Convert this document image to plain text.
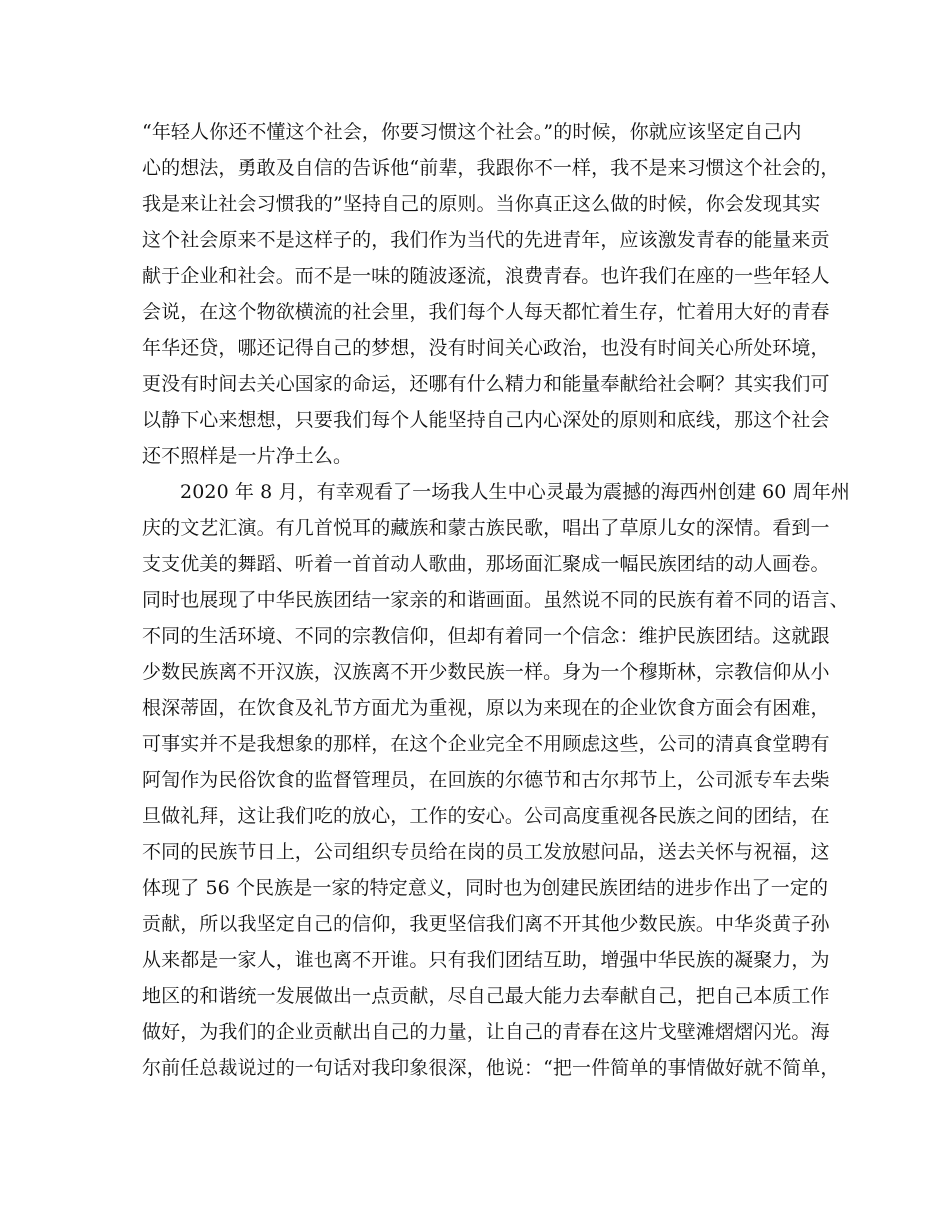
“年轻人你还不懂这个社会，你要习惯这个社会。”的时候，你就应该坚定自己内
心的想法，勇敢及自信的告诉他“前辈，我跟你不一样，我不是来习惯这个社会的，
我是来让社会习惯我的”坚持自己的原则。当你真正这么做的时候，你会发现其实
这个社会原来不是这样子的，我们作为当代的先进青年，应该激发青春的能量来贡
献于企业和社会。而不是一味的随波逐流，浪费青春。也许我们在座的一些年轻人
会说，在这个物欲横流的社会里，我们每个人每天都忙着生存，忙着用大好的青春
年华还贷，哪还记得自己的梦想，没有时间关心政治，也没有时间关心所处环境，
更没有时间去关心国家的命运，还哪有什么精力和能量奉献给社会啊？其实我们可
以静下心来想想，只要我们每个人能坚持自己内心深处的原则和底线，那这个社会
还不照样是一片净土么。
2020 年 8 月，有幸观看了一场我人生中心灵最为震撼的海西州创建 60 周年州
庆的文艺汇演。有几首悦耳的藏族和蒙古族民歌，唱出了草原儿女的深情。看到一
支支优美的舞蹈、听着一首首动人歌曲，那场面汇聚成一幅民族团结的动人画卷。
同时也展现了中华民族团结一家亲的和谐画面。虽然说不同的民族有着不同的语言、
不同的生活环境、不同的宗教信仰，但却有着同一个信念：维护民族团结。这就跟
少数民族离不开汉族，汉族离不开少数民族一样。身为一个穆斯林，宗教信仰从小
根深蒂固，在饮食及礼节方面尤为重视，原以为来现在的企业饮食方面会有困难，
可事实并不是我想象的那样，在这个企业完全不用顾虑这些，公司的清真食堂聘有
阿訇作为民俗饮食的监督管理员，在回族的尔德节和古尔邦节上，公司派专车去柴
旦做礼拜，这让我们吃的放心，工作的安心。公司高度重视各民族之间的团结，在
不同的民族节日上，公司组织专员给在岗的员工发放慰问品，送去关怀与祝福，这
体现了 56 个民族是一家的特定意义，同时也为创建民族团结的进步作出了一定的
贡献，所以我坚定自己的信仰，我更坚信我们离不开其他少数民族。中华炎黄子孙
从来都是一家人，谁也离不开谁。只有我们团结互助，增强中华民族的凝聚力，为
地区的和谐统一发展做出一点贡献，尽自己最大能力去奉献自己，把自己本质工作
做好，为我们的企业贡献出自己的力量，让自己的青春在这片戈壁滩熠熠闪光。海
尔前任总裁说过的一句话对我印象很深，他说：“把一件简单的事情做好就不简单，
